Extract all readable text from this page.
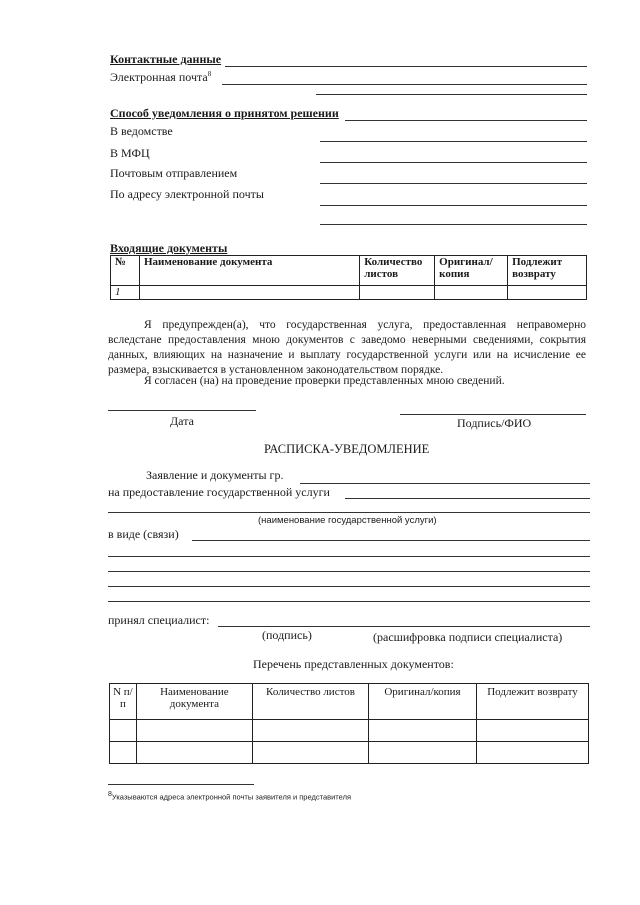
Контактные данные
Электронная почта$^8$
Способ уведомления о принятом решении
В ведомстве
В МФЦ
Почтовым отправлением
По адресу электронной почты
Входящие документы
№	Наименование документа	Количество листов	Оригинал/ копия	Подлежит возврату
1				
Я предупрежден(а), что государственная услуга, предоставленная неправомерно вследстане предоставления мною документов с заведомо неверными сведениями, сокрытия данных, влияющих на назначение и выплату государственной услуги или на исчисление ее размера, взыскивается в установленном законодательством порядке.
Я согласен (на) на проведение проверки представленных мною сведений.
Дата	Подпись/ФИО
РАСПИСКА-УВЕДОМЛЕНИЕ
Заявление и документы гр.
на предоставление государственной услуги
(наименование государственной услуги)
в виде (связи)
принял специалист:
(подпись)	(расшифровка подписи специалиста)
Перечень представленных документов:
N п/п	Наименование документа	Количество листов	Оригинал/копия	Подлежит возврату

8Указываются адреса электронной почты заявителя и представителя
